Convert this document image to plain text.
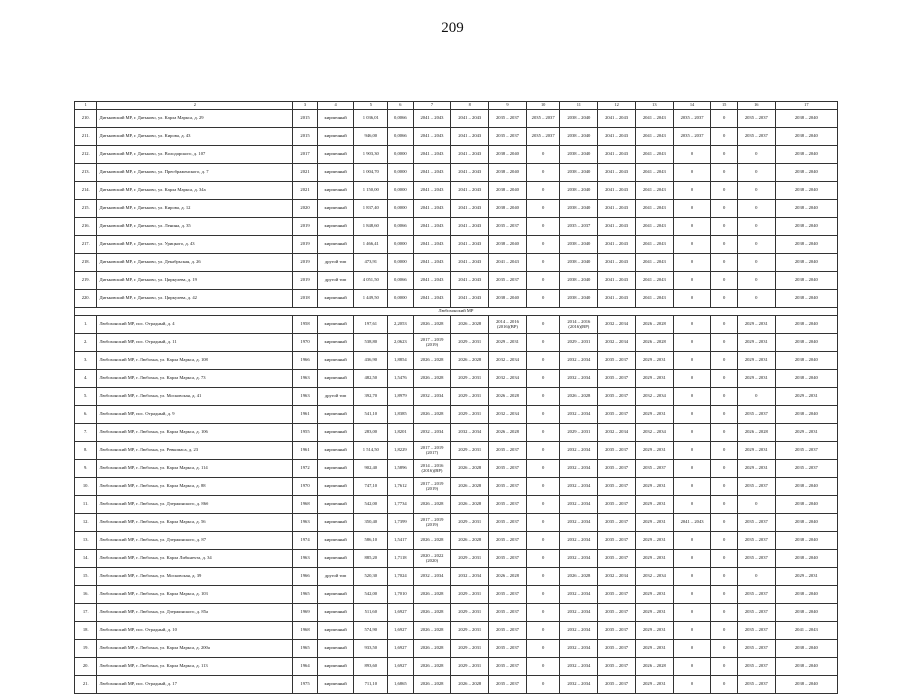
209
1	2	3	4	5	6	7	8	9	10	11	12	13	14	15	16	17
210.	Дятьковский МР, г. Дятьково, ул. Карла Маркса, д. 29	2015	кирпичный	1 036,01	0,0066	2041 – 2043	2041 – 2043	2035 – 2037	2035 – 2037	2038 – 2040	2041 – 2043	2041 – 2043	2035 – 2037	0	2035 – 2037	2038 – 2040
211.	Дятьковский МР, г. Дятьково, ул. Кирова, д. 43	2015	кирпичный	946,00	0,0066	2041 – 2043	2041 – 2043	2035 – 2037	2035 – 2037	2038 – 2040	2041 – 2043	2041 – 2043	2035 – 2037	0	2035 – 2037	2038 – 2040
212.	Дятьковский МР, г. Дятьково, ул. Володарского, д. 107	2017	кирпичный	1 903,30	0,0000	2041 – 2043	2041 – 2043	2038 – 2040	0	2038 – 2040	2041 – 2043	2041 – 2043	0	0	0	2038 – 2040
213.	Дятьковский МР, г. Дятьково, ул. Преображенского, д. 7	2021	кирпичный	1 004,70	0,0000	2041 – 2043	2041 – 2043	2038 – 2040	0	2038 – 2040	2041 – 2043	2041 – 2043	0	0	0	2038 – 2040
214.	Дятьковский МР, г. Дятьково, ул. Карла Маркса, д. 34а	2021	кирпичный	1 150,00	0,0000	2041 – 2043	2041 – 2043	2038 – 2040	0	2038 – 2040	2041 – 2043	2041 – 2043	0	0	0	2038 – 2040
215.	Дятьковский МР, г. Дятьково, ул. Кирова, д. 12	2020	кирпичный	1 837,40	0,0000	2041 – 2043	2041 – 2043	2038 – 2040	0	2038 – 2040	2041 – 2043	2041 – 2043	0	0	0	2038 – 2040
216.	Дятьковский МР, г. Дятьково, ул. Ленина, д. 35	2019	кирпичный	1 848,60	0,0066	2041 – 2043	2041 – 2043	2035 – 2037	0	2035 – 2037	2041 – 2043	2041 – 2043	0	0	0	2038 – 2040
217.	Дятьковский МР, г. Дятьково, ул. Урицкого, д. 43	2019	кирпичный	1 466,41	0,0000	2041 – 2043	2041 – 2043	2038 – 2040	0	2038 – 2040	2041 – 2043	2041 – 2043	0	0	0	2038 – 2040
218.	Дятьковский МР, г. Дятьково, ул. Декабрьская, д. 26	2019	другой тип	473,91	0,0000	2041 – 2043	2041 – 2043	2041 – 2043	0	2038 – 2040	2041 – 2043	2041 – 2043	0	0	0	2038 – 2040
219.	Дятьковский МР, г. Дятьково, ул. Циркулева, д. 19	2019	другой тип	4 051,50	0,0066	2041 – 2043	2041 – 2043	2035 – 2037	0	2038 – 2040	2041 – 2043	2041 – 2043	0	0	0	2038 – 2040
220.	Дятьковский МР, г. Дятьково, ул. Циркулева, д. 42	2018	кирпичный	1 449,50	0,0000	2041 – 2043	2041 – 2043	2038 – 2040	0	2038 – 2040	2041 – 2043	2041 – 2043	0	0	0	2038 – 2040
Любохонский МР																
1.	Любохонский МР, пос. Отрадный, д. 4	1958	кирпичный	197,61	2,2053	2026 – 2028	2026 – 2028	2014 – 2016 (2016)(ВР)	0	2014 – 2016 (2016)(ВР)	2032 – 2034	2026 – 2028	0	0	2029 – 2031	2038 – 2040
2.	Любохонский МР, пос. Отрадный, д. 11	1970	кирпичный	538,80	2,0623	2017 – 2019 (2019)	2029 – 2031	2029 – 2031	0	2029 – 2031	2032 – 2034	2026 – 2028	0	0	2029 – 2031	2038 – 2040
3.	Любохонский МР, г. Любохна, ул. Карла Маркса, д. 108	1966	кирпичный	436,90	1,8854	2026 – 2028	2026 – 2028	2032 – 2034	0	2032 – 2034	2035 – 2037	2029 – 2031	0	0	2029 – 2031	2038 – 2040
4.	Любохонский МР, г. Любохна, ул. Карла Маркса, д. 73	1963	кирпичный	482,50	1,5476	2026 – 2028	2029 – 2031	2032 – 2034	0	2032 – 2034	2035 – 2037	2029 – 2031	0	0	2029 – 2031	2038 – 2040
5.	Любохонский МР, г. Любохна, ул. Московская, д. 41	1963	другой тип	392,70	1,8979	2032 – 2034	2029 – 2031	2026 – 2028	0	2026 – 2028	2035 – 2037	2032 – 2034	0	0	0	2029 – 2031
6.	Любохонский МР, пос. Отрадный, д. 9	1961	кирпичный	541,10	1,8385	2026 – 2028	2029 – 2031	2032 – 2034	0	2032 – 2034	2035 – 2037	2029 – 2031	0	0	2035 – 2037	2038 – 2040
7.	Любохонский МР, г. Любохна, ул. Карла Маркса, д. 106	1955	кирпичный	283,00	1,8201	2032 – 2034	2032 – 2034	2026 – 2028	0	2029 – 2031	2032 – 2034	2032 – 2034	0	0	2026 – 2028	2029 – 2031
8.	Любохонский МР, г. Любохна, ул. Ревкомаса, д. 23	1961	кирпичный	1 514,50	1,8229	2017 – 2019 (2017)	2029 – 2031	2035 – 2037	0	2032 – 2034	2035 – 2037	2029 – 2031	0	0	2029 – 2031	2035 – 2037
9.	Любохонский МР, г. Любохна, ул. Карла Маркса, д. 114	1972	кирпичный	902,40	1,5896	2014 – 2016 (2016)(ВР)	2026 – 2028	2035 – 2037	0	2032 – 2034	2035 – 2037	2035 – 2037	0	0	2029 – 2031	2035 – 2037
10.	Любохонский МР, г. Любохна, ул. Карла Маркса, д. 88	1970	кирпичный	747,10	1,7612	2017 – 2019 (2019)	2026 – 2028	2035 – 2037	0	2032 – 2034	2035 – 2037	2029 – 2031	0	0	2035 – 2037	2038 – 2040
11.	Любохонский МР, г. Любохна, ул. Дзержинского, д. 86б	1968	кирпичный	542,00	1,7734	2026 – 2028	2026 – 2028	2035 – 2037	0	2032 – 2034	2035 – 2037	2029 – 2031	0	0	0	2038 – 2040
12.	Любохонский МР, г. Любохна, ул. Карла Маркса, д. 56	1963	кирпичный	350,40	1,7399	2017 – 2019 (2019)	2029 – 2031	2035 – 2037	0	2032 – 2034	2035 – 2037	2029 – 2031	2041 – 2043	0	2035 – 2037	2038 – 2040
13.	Любохонский МР, г. Любохна, ул. Дзержинского, д. 87	1974	кирпичный	586,10	1,5417	2026 – 2028	2026 – 2028	2035 – 2037	0	2032 – 2034	2035 – 2037	2029 – 2031	0	0	2035 – 2037	2038 – 2040
14.	Любохонский МР, г. Любохна, ул. Карла Либкнехта, д. 34	1963	кирпичный	885,20	1,7118	2020 – 2022 (2020)	2029 – 2031	2035 – 2037	0	2032 – 2034	2035 – 2037	2029 – 2031	0	0	2035 – 2037	2038 – 2040
15.	Любохонский МР, г. Любохна, ул. Московская, д. 39	1966	другой тип	520,30	1,7024	2032 – 2034	2032 – 2034	2026 – 2028	0	2026 – 2028	2032 – 2034	2032 – 2034	0	0	0	2029 – 2031
16.	Любохонский МР, г. Любохна, ул. Карла Маркса, д. 103	1965	кирпичный	542,00	1,7010	2026 – 2028	2029 – 2031	2035 – 2037	0	2032 – 2034	2035 – 2037	2029 – 2031	0	0	2035 – 2037	2038 – 2040
17.	Любохонский МР, г. Любохна, ул. Дзержинского, д. 85а	1969	кирпичный	511,60	1,6927	2026 – 2028	2029 – 2031	2035 – 2037	0	2032 – 2034	2035 – 2037	2029 – 2031	0	0	2035 – 2037	2038 – 2040
18.	Любохонский МР, пос. Отрадный, д. 10	1968	кирпичный	574,90	1,6927	2026 – 2028	2029 – 2031	2035 – 2037	0	2032 – 2034	2035 – 2037	2029 – 2031	0	0	2035 – 2037	2041 – 2043
19.	Любохонский МР, г. Любохна, ул. Карла Маркса, д. 200а	1965	кирпичный	933,50	1,6927	2026 – 2028	2029 – 2031	2035 – 2037	0	2032 – 2034	2035 – 2037	2029 – 2031	0	0	2035 – 2037	2038 – 2040
20.	Любохонский МР, г. Любохна, ул. Карла Маркса, д. 113	1964	кирпичный	893,60	1,6927	2026 – 2028	2029 – 2031	2035 – 2037	0	2032 – 2034	2035 – 2037	2026 – 2028	0	0	2035 – 2037	2038 – 2040
21.	Любохонский МР, пос. Отрадный, д. 17	1975	кирпичный	711,10	1,6865	2026 – 2028	2026 – 2028	2035 – 2037	0	2032 – 2034	2035 – 2037	2029 – 2031	0	0	2035 – 2037	2038 – 2040
